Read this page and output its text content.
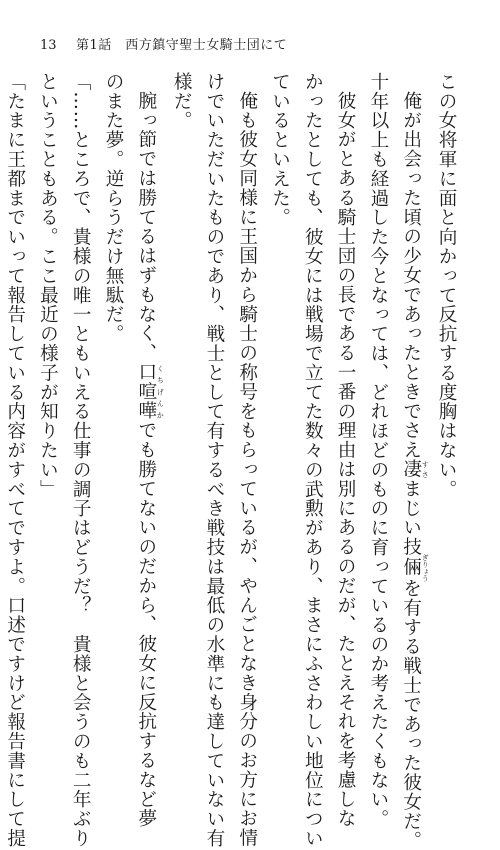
13 第1話　西方鎮守聖士女騎士団にて
この女将軍に面と向かって反抗する度胸はない。
俺が出会った頃の少女であったときでさえ凄 すさまじい技倆 ぎりょうを有する戦士であった彼女だ。
十年以上も経過した今となっては、どれほどのものに育っているのか考えたくもない。
彼女がとある騎士団の長である一番の理由は別にあるのだが、たとえそれを考慮しな
かったとしても、彼女には戦場で立てた数々の武勲があり、まさにふさわしい地位につい
ているといえた。
俺も彼女同様に王国から騎士の称号をもらっているが、やんごとなき身分のお方にお情
けでいただいたものであり、戦士として有するべき戦技は最低の水準にも達していない有
様だ。
腕っ節では勝てるはずもなく、口喧嘩 くちげんかでも勝てないのだから、彼女に反抗するなど夢
のまた夢。逆らうだけ無駄だ。
「……ところで、貴様の唯一ともいえる仕事の調子はどうだ？　貴様と会うのも二年ぶり
ということもある。ここ最近の様子が知りたい」
「たまに王都までいって報告している内容がすべてですよ。口述ですけど報告書にして提
